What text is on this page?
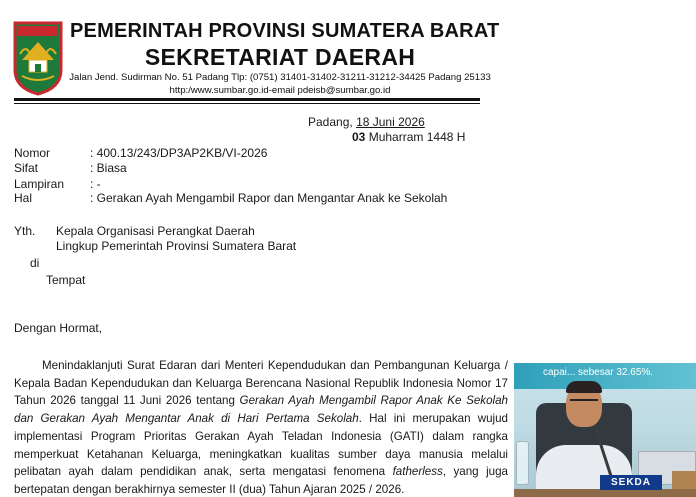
PEMERINTAH PROVINSI SUMATERA BARAT
SEKRETARIAT DAERAH
Jalan Jend. Sudirman No. 51 Padang Tlp: (0751) 31401-31402-31211-31212-34425 Padang 25133
http:/www.sumbar.go.id-email pdeisb@sumbar.go.id
Padang, 18 Juni 2026
03 Muharram 1448 H
Nomor	: 400.13/243/DP3AP2KB/VI-2026
Sifat	: Biasa
Lampiran : -
Hal	: Gerakan Ayah Mengambil Rapor dan Mengantar Anak ke Sekolah
Yth. Kepala Organisasi Perangkat Daerah
Lingkup Pemerintah Provinsi Sumatera Barat
di
Tempat
Dengan Hormat,

Menindaklanjuti Surat Edaran dari Menteri Kependudukan dan Pembangunan Keluarga / Kepala Badan Kependudukan dan Keluarga Berencana Nasional Republik Indonesia Nomor 17 Tahun 2026 tanggal 11 Juni 2026 tentang Gerakan Ayah Mengambil Rapor Anak Ke Sekolah dan Gerakan Ayah Mengantar Anak di Hari Pertama Sekolah. Hal ini merupakan wujud implementasi Program Prioritas Gerakan Ayah Teladan Indonesia (GATI) dalam rangka memperkuat Ketahanan Keluarga, meningkatkan kualitas sumber daya manusia melalui pelibatan ayah dalam pendidikan anak, serta mengatasi fenomena fatherless, yang juga bertepatan dengan berakhirnya semester II (dua) Tahun Ajaran 2025 / 2026.

capai... sebesar 32.65%.
SEKDA
